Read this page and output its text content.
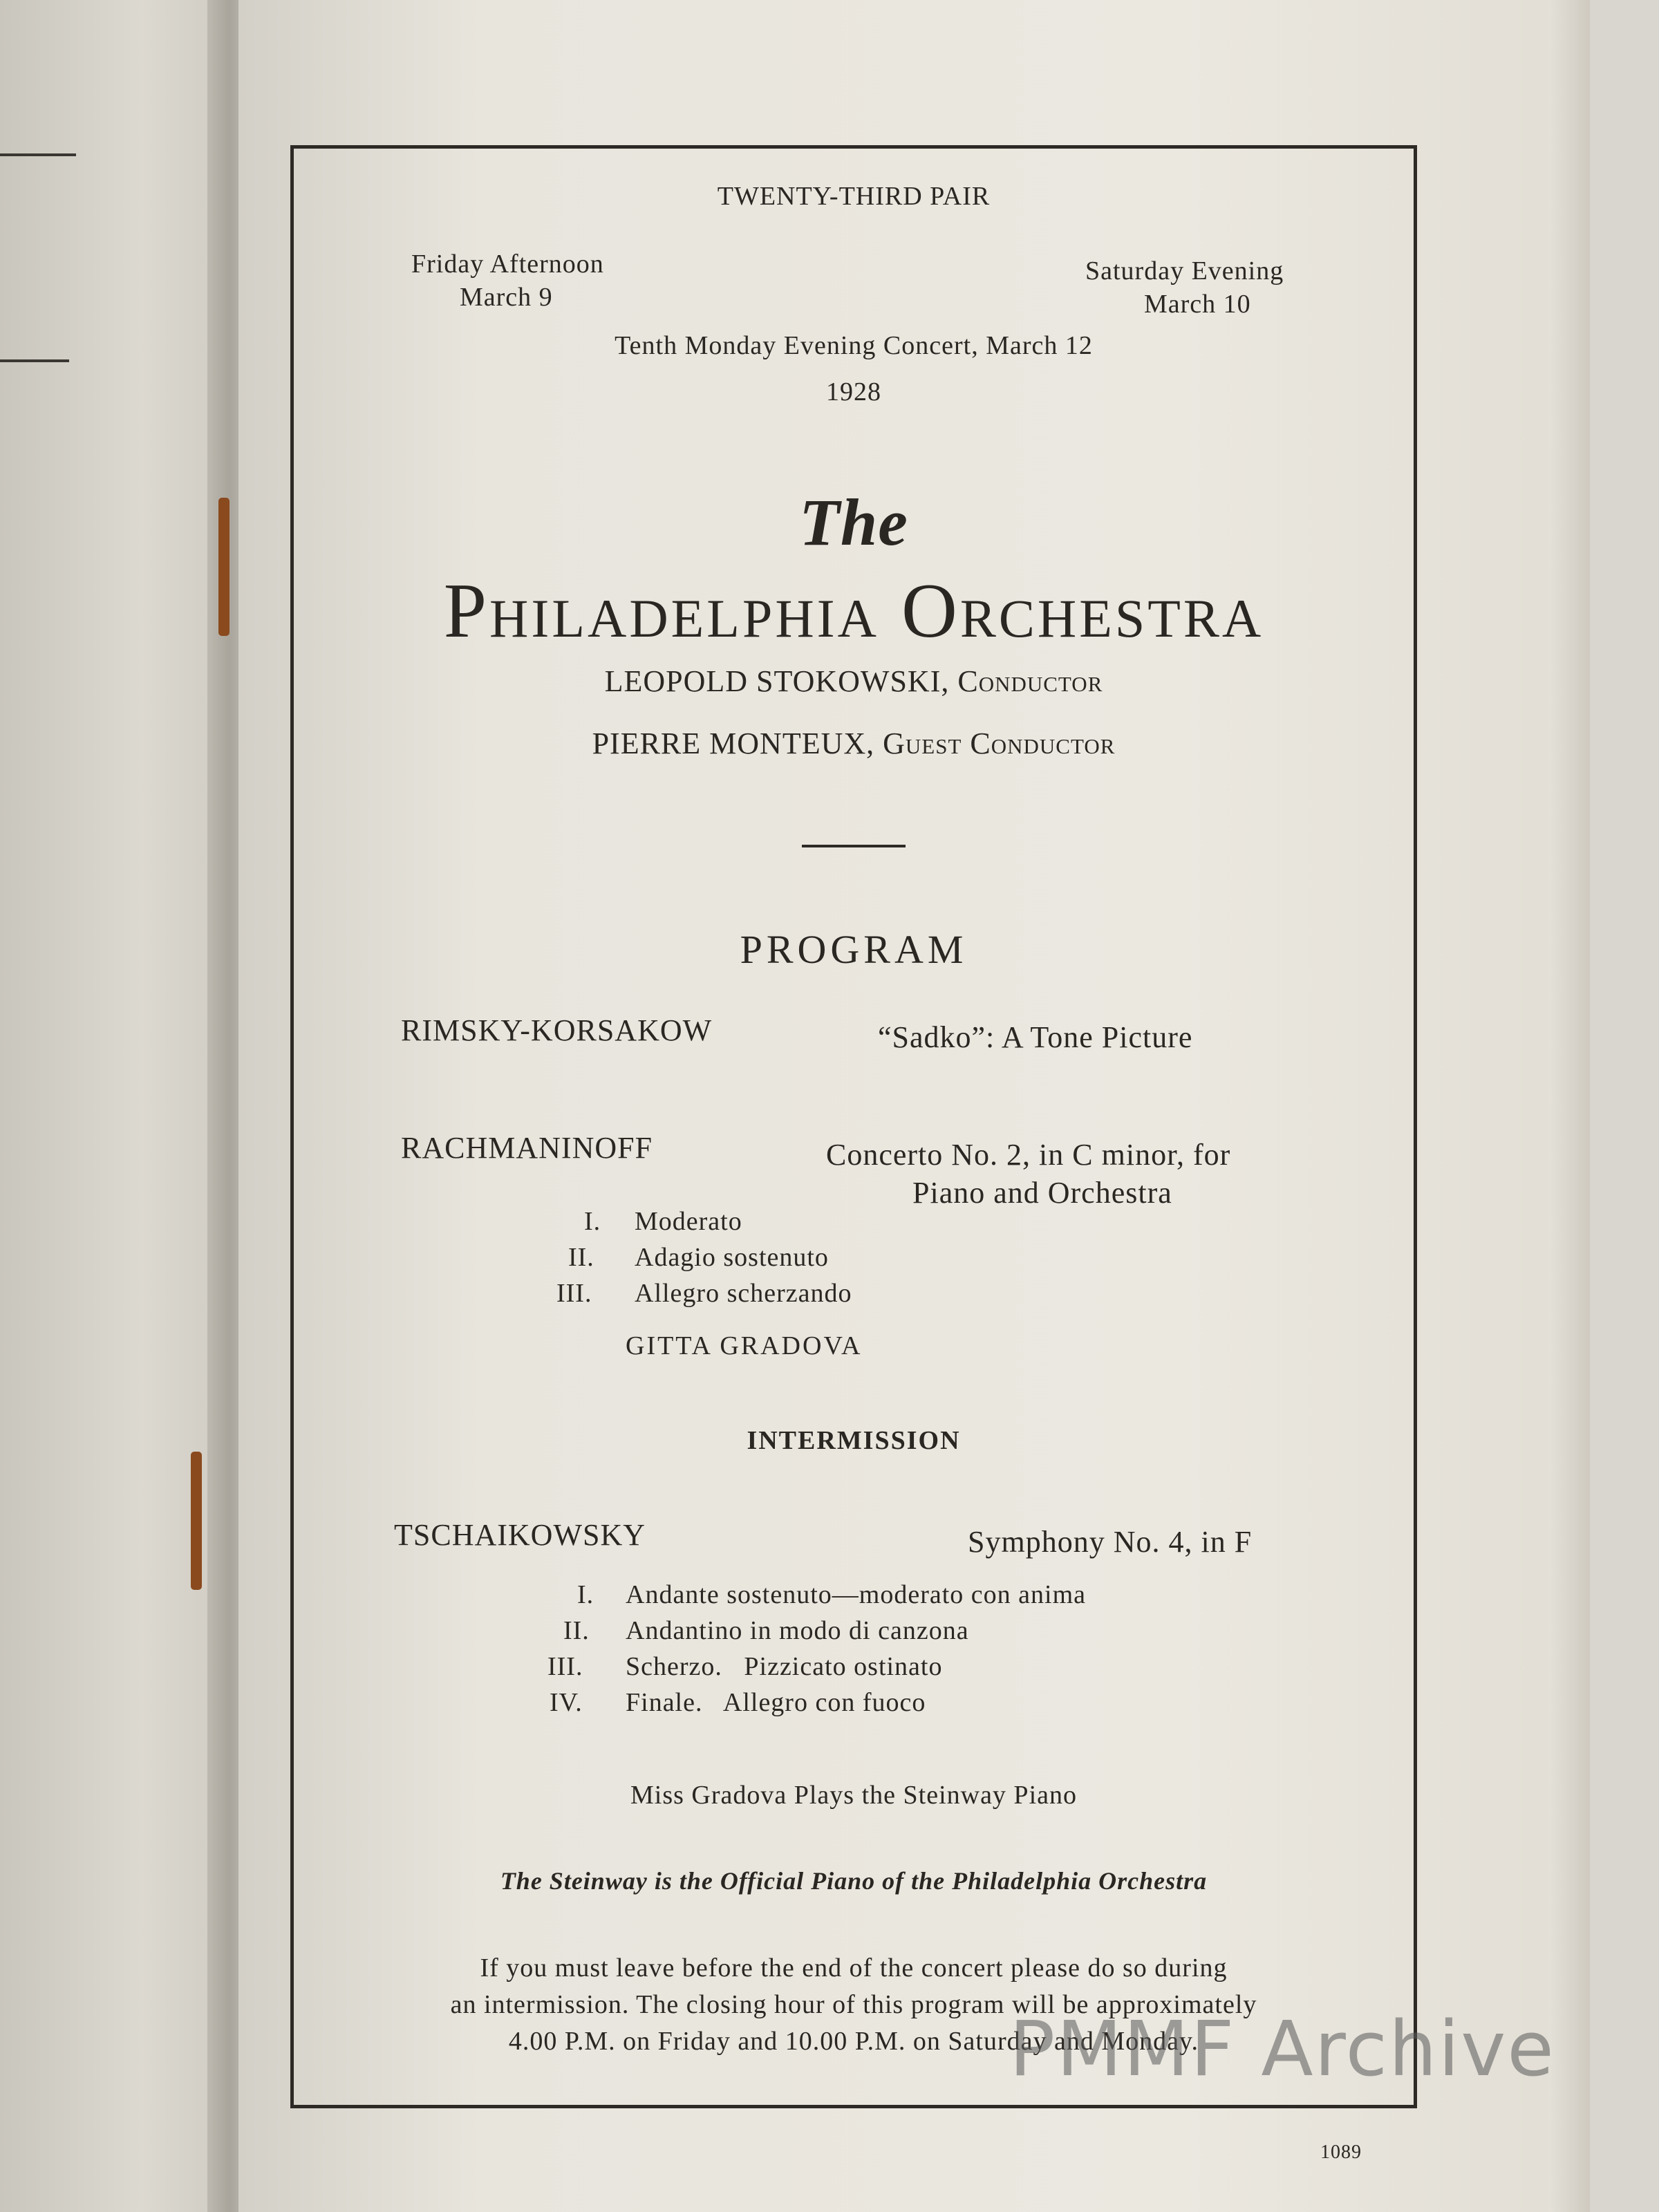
TWENTY-THIRD PAIR
Friday Afternoon
March 9
Saturday Evening
March 10
Tenth Monday Evening Concert, March 12
1928
The
Philadelphia Orchestra
LEOPOLD STOKOWSKI, Conductor
PIERRE MONTEUX, Guest Conductor
PROGRAM
RIMSKY-KORSAKOW	“Sadko”: A Tone Picture
RACHMANINOFF	Concerto No. 2, in C minor, for
Piano and Orchestra
I. Moderato
II. Adagio sostenuto
III. Allegro scherzando
GITTA GRADOVA
INTERMISSION
TSCHAIKOWSKY	Symphony No. 4, in F
I. Andante sostenuto—moderato con anima
II. Andantino in modo di canzona
III. Scherzo.   Pizzicato ostinato
IV. Finale.   Allegro con fuoco
Miss Gradova Plays the Steinway Piano
The Steinway is the Official Piano of the Philadelphia Orchestra
If you must leave before the end of the concert please do so during
an intermission. The closing hour of this program will be approximately
4.00 P.M. on Friday and 10.00 P.M. on Saturday and Monday.
1089
PMMF Archive
